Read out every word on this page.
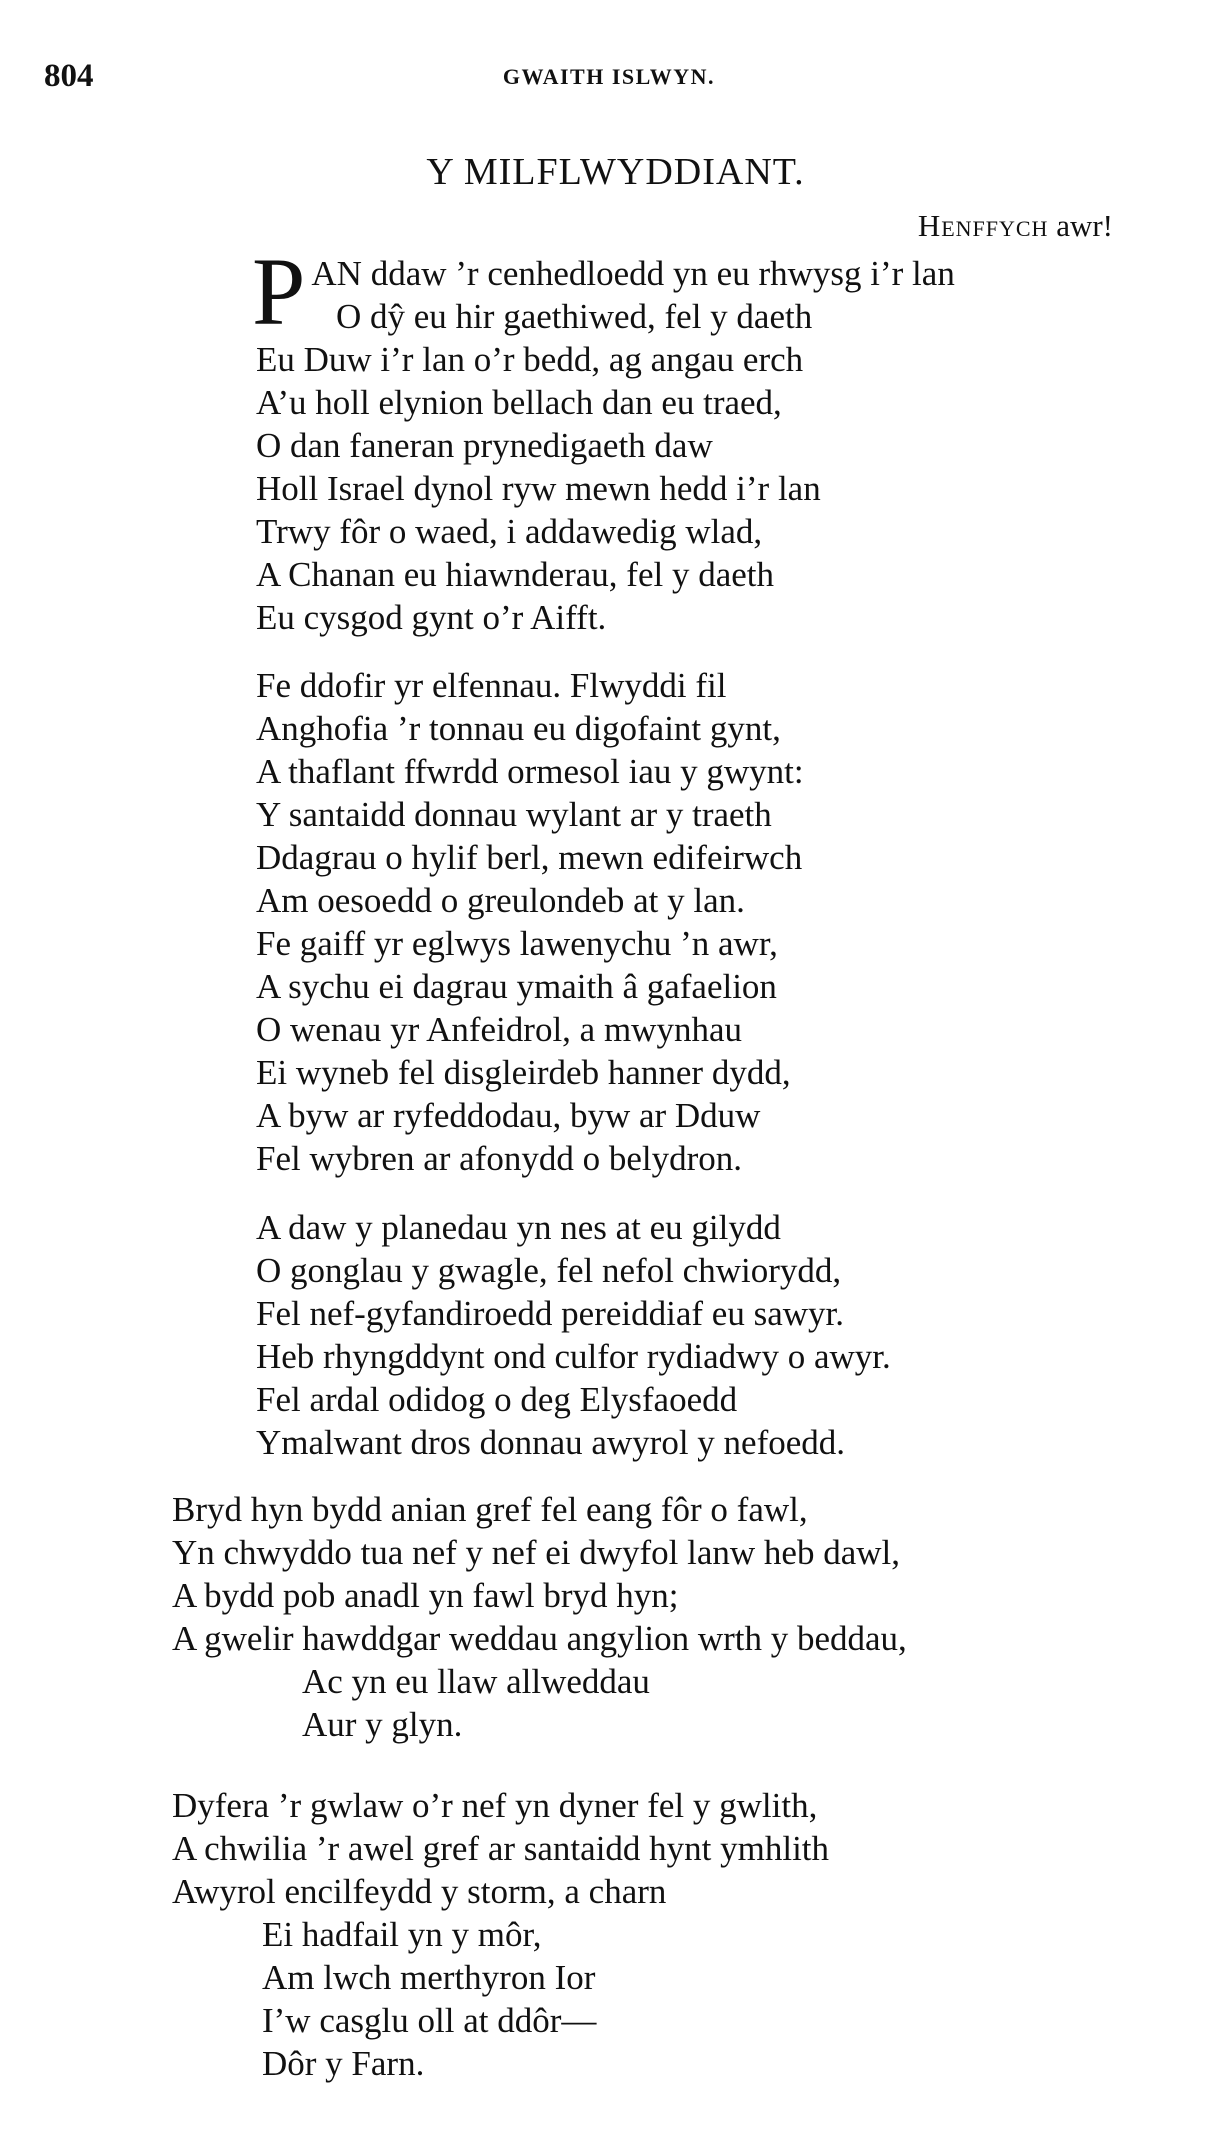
804	GWAITH ISLWYN.
Y MILFLWYDDIANT.
Henffych awr!
PAN ddaw ’r cenhedloedd yn eu rhwysg i’r lan
O dŷ eu hir gaethiwed, fel y daeth
Eu Duw i’r lan o’r bedd, ag angau erch
A’u holl elynion bellach dan eu traed,
O dan faneran prynedigaeth daw
Holl Israel dynol ryw mewn hedd i’r lan
Trwy fôr o waed, i addawedig wlad,
A Chanan eu hiawnderau, fel y daeth
Eu cysgod gynt o’r Aifft.
Fe ddofir yr elfennau. Flwyddi fil
Anghofia ’r tonnau eu digofaint gynt,
A thaflant ffwrdd ormesol iau y gwynt:
Y santaidd donnau wylant ar y traeth
Ddagrau o hylif berl, mewn edifeirwch
Am oesoedd o greulondeb at y lan.
Fe gaiff yr eglwys lawenychu ’n awr,
A sychu ei dagrau ymaith â gafaelion
O wenau yr Anfeidrol, a mwynhau
Ei wyneb fel disgleirdeb hanner dydd,
A byw ar ryfeddodau, byw ar Dduw
Fel wybren ar afonydd o belydron.
A daw y planedau yn nes at eu gilydd
O gonglau y gwagle, fel nefol chwiorydd,
Fel nef-gyfandiroedd pereiddiaf eu sawyr.
Heb rhyngddynt ond culfor rydiadwy o awyr.
Fel ardal odidog o deg Elysfaoedd
Ymalwant dros donnau awyrol y nefoedd.
Bryd hyn bydd anian gref fel eang fôr o fawl,
Yn chwyddo tua nef y nef ei dwyfol lanw heb dawl,
A bydd pob anadl yn fawl bryd hyn;
A gwelir hawddgar weddau angylion wrth y beddau,
Ac yn eu llaw allweddau
Aur y glyn.
Dyfera ’r gwlaw o’r nef yn dyner fel y gwlith,
A chwilia ’r awel gref ar santaidd hynt ymhlith
Awyrol encilfeydd y storm, a charn
Ei hadfail yn y môr,
Am lwch merthyron Ior
I’w casglu oll at ddôr—
Dôr y Farn.
